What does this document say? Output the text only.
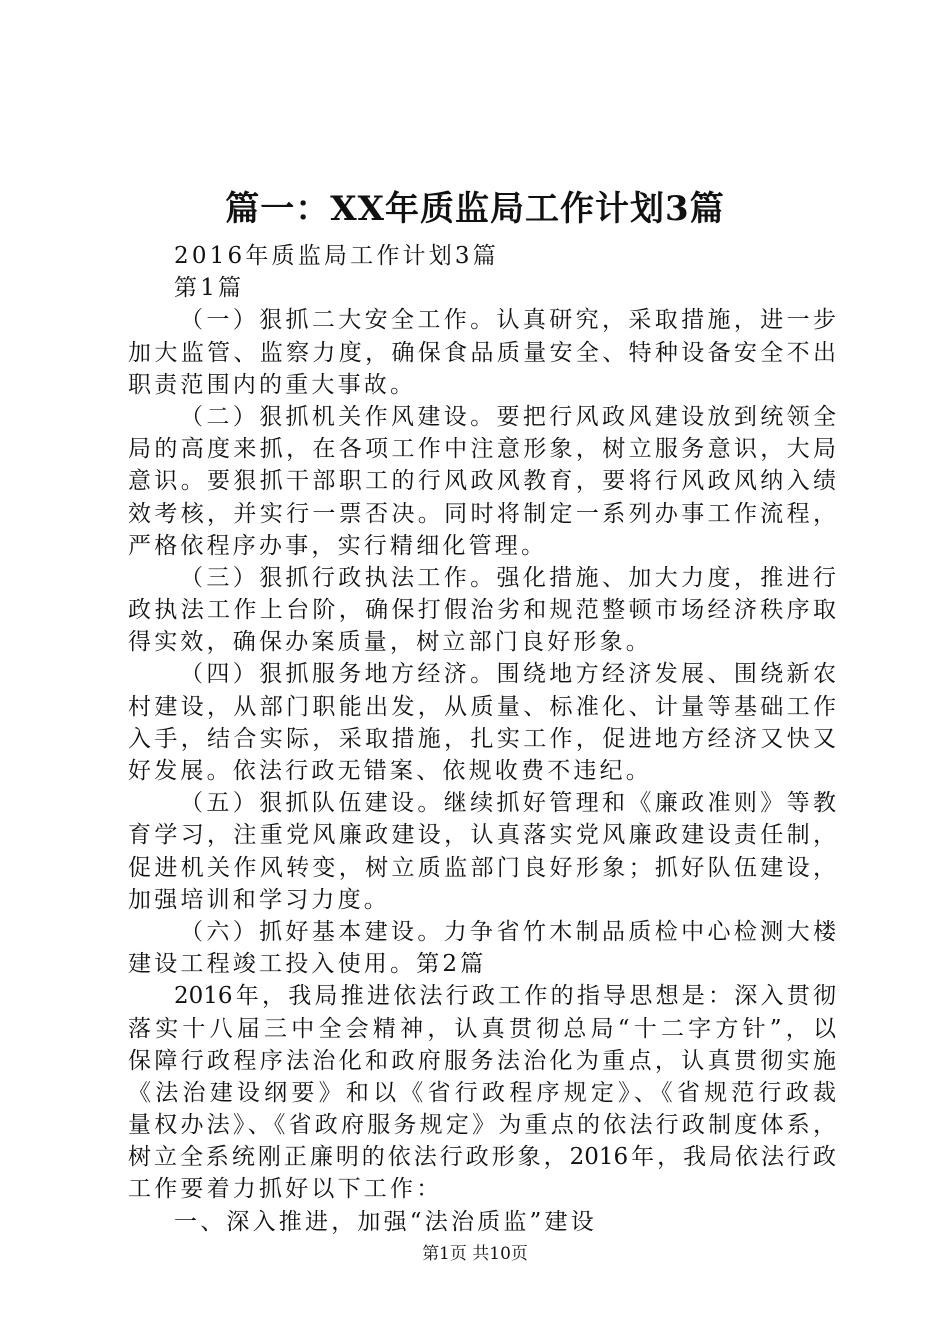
篇一：XX年质监局工作计划3篇

2016年质监局工作计划3篇

第1篇

（一）狠抓二大安全工作。认真研究，采取措施，进一步

加大监管、监察力度，确保食品质量安全、特种设备安全不出

职责范围内的重大事故。

（二）狠抓机关作风建设。要把行风政风建设放到统领全

局的高度来抓，在各项工作中注意形象，树立服务意识，大局

意识。要狠抓干部职工的行风政风教育，要将行风政风纳入绩

效考核，并实行一票否决。同时将制定一系列办事工作流程，

严格依程序办事，实行精细化管理。

（三）狠抓行政执法工作。强化措施、加大力度，推进行

政执法工作上台阶，确保打假治劣和规范整顿市场经济秩序取

得实效，确保办案质量，树立部门良好形象。

（四）狠抓服务地方经济。围绕地方经济发展、围绕新农

村建设，从部门职能出发，从质量、标准化、计量等基础工作

入手，结合实际，采取措施，扎实工作，促进地方经济又快又

好发展。依法行政无错案、依规收费不违纪。

（五）狠抓队伍建设。继续抓好管理和《廉政准则》等教

育学习，注重党风廉政建设，认真落实党风廉政建设责任制，

促进机关作风转变，树立质监部门良好形象；抓好队伍建设，

加强培训和学习力度。

（六）抓好基本建设。力争省竹木制品质检中心检测大楼

建设工程竣工投入使用。第2篇

2016年，我局推进依法行政工作的指导思想是：深入贯彻

落实十八届三中全会精神，认真贯彻总局“十二字方针”，以

保障行政程序法治化和政府服务法治化为重点，认真贯彻实施

《法治建设纲要》和以《省行政程序规定》、《省规范行政裁

量权办法》、《省政府服务规定》为重点的依法行政制度体系，

树立全系统刚正廉明的依法行政形象，2016年，我局依法行政

工作要着力抓好以下工作：

一、深入推进，加强“法治质监”建设

第1页 共10页
